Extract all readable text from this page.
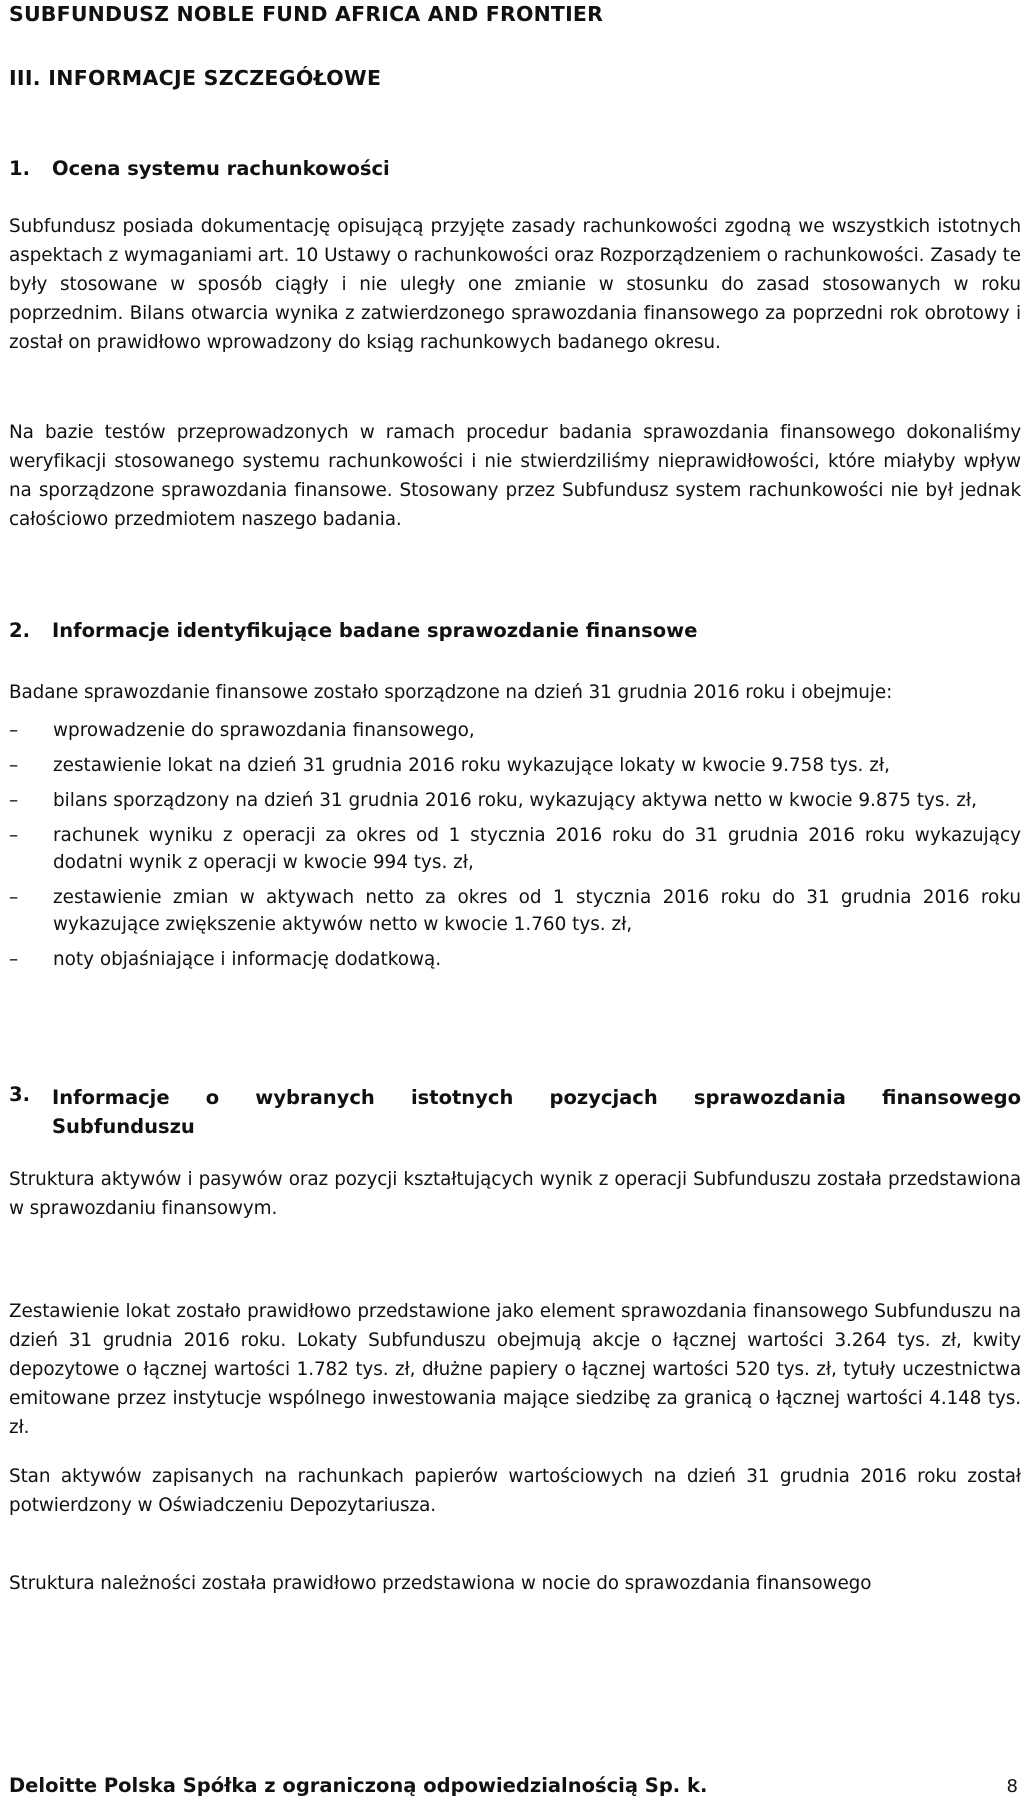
SUBFUNDUSZ NOBLE FUND AFRICA AND FRONTIER
III. INFORMACJE SZCZEGÓŁOWE
1.	Ocena systemu rachunkowości
Subfundusz posiada dokumentację opisującą przyjęte zasady rachunkowości zgodną we wszystkich istotnych aspektach z wymaganiami art. 10 Ustawy o rachunkowości oraz Rozporządzeniem o rachunkowości. Zasady te były stosowane w sposób ciągły i nie uległy one zmianie w stosunku do zasad stosowanych w roku poprzednim. Bilans otwarcia wynika z zatwierdzonego sprawozdania finansowego za poprzedni rok obrotowy i został on prawidłowo wprowadzony do ksiąg rachunkowych badanego okresu.
Na bazie testów przeprowadzonych w ramach procedur badania sprawozdania finansowego dokonaliśmy weryfikacji stosowanego systemu rachunkowości i nie stwierdziliśmy nieprawidłowości, które miałyby wpływ na sporządzone sprawozdania finansowe. Stosowany przez Subfundusz system rachunkowości nie był jednak całościowo przedmiotem naszego badania.
2.	Informacje identyfikujące badane sprawozdanie finansowe
Badane sprawozdanie finansowe zostało sporządzone na dzień 31 grudnia 2016 roku i obejmuje:
– wprowadzenie do sprawozdania finansowego,
– zestawienie lokat na dzień 31 grudnia 2016 roku wykazujące lokaty w kwocie 9.758 tys. zł,
– bilans sporządzony na dzień 31 grudnia 2016 roku, wykazujący aktywa netto w kwocie 9.875 tys. zł,
– rachunek wyniku z operacji za okres od 1 stycznia 2016 roku do 31 grudnia 2016 roku wykazujący dodatni wynik z operacji w kwocie 994 tys. zł,
– zestawienie zmian w aktywach netto za okres od 1 stycznia 2016 roku do 31 grudnia 2016 roku wykazujące zwiększenie aktywów netto w kwocie 1.760 tys. zł,
– noty objaśniające i informację dodatkową.
3.	Informacje o wybranych istotnych pozycjach sprawozdania finansowego Subfunduszu
Struktura aktywów i pasywów oraz pozycji kształtujących wynik z operacji Subfunduszu została przedstawiona w sprawozdaniu finansowym.
Zestawienie lokat zostało prawidłowo przedstawione jako element sprawozdania finansowego Subfunduszu na dzień 31 grudnia 2016 roku. Lokaty Subfunduszu obejmują akcje o łącznej wartości 3.264 tys. zł, kwity depozytowe o łącznej wartości 1.782 tys. zł, dłużne papiery o łącznej wartości 520 tys. zł, tytuły uczestnictwa emitowane przez instytucje wspólnego inwestowania mające siedzibę za granicą o łącznej wartości 4.148 tys. zł.
Stan aktywów zapisanych na rachunkach papierów wartościowych na dzień 31 grudnia 2016 roku został potwierdzony w Oświadczeniu Depozytariusza.
Struktura należności została prawidłowo przedstawiona w nocie do sprawozdania finansowego
Deloitte Polska Spółka z ograniczoną odpowiedzialnością Sp. k.	8
